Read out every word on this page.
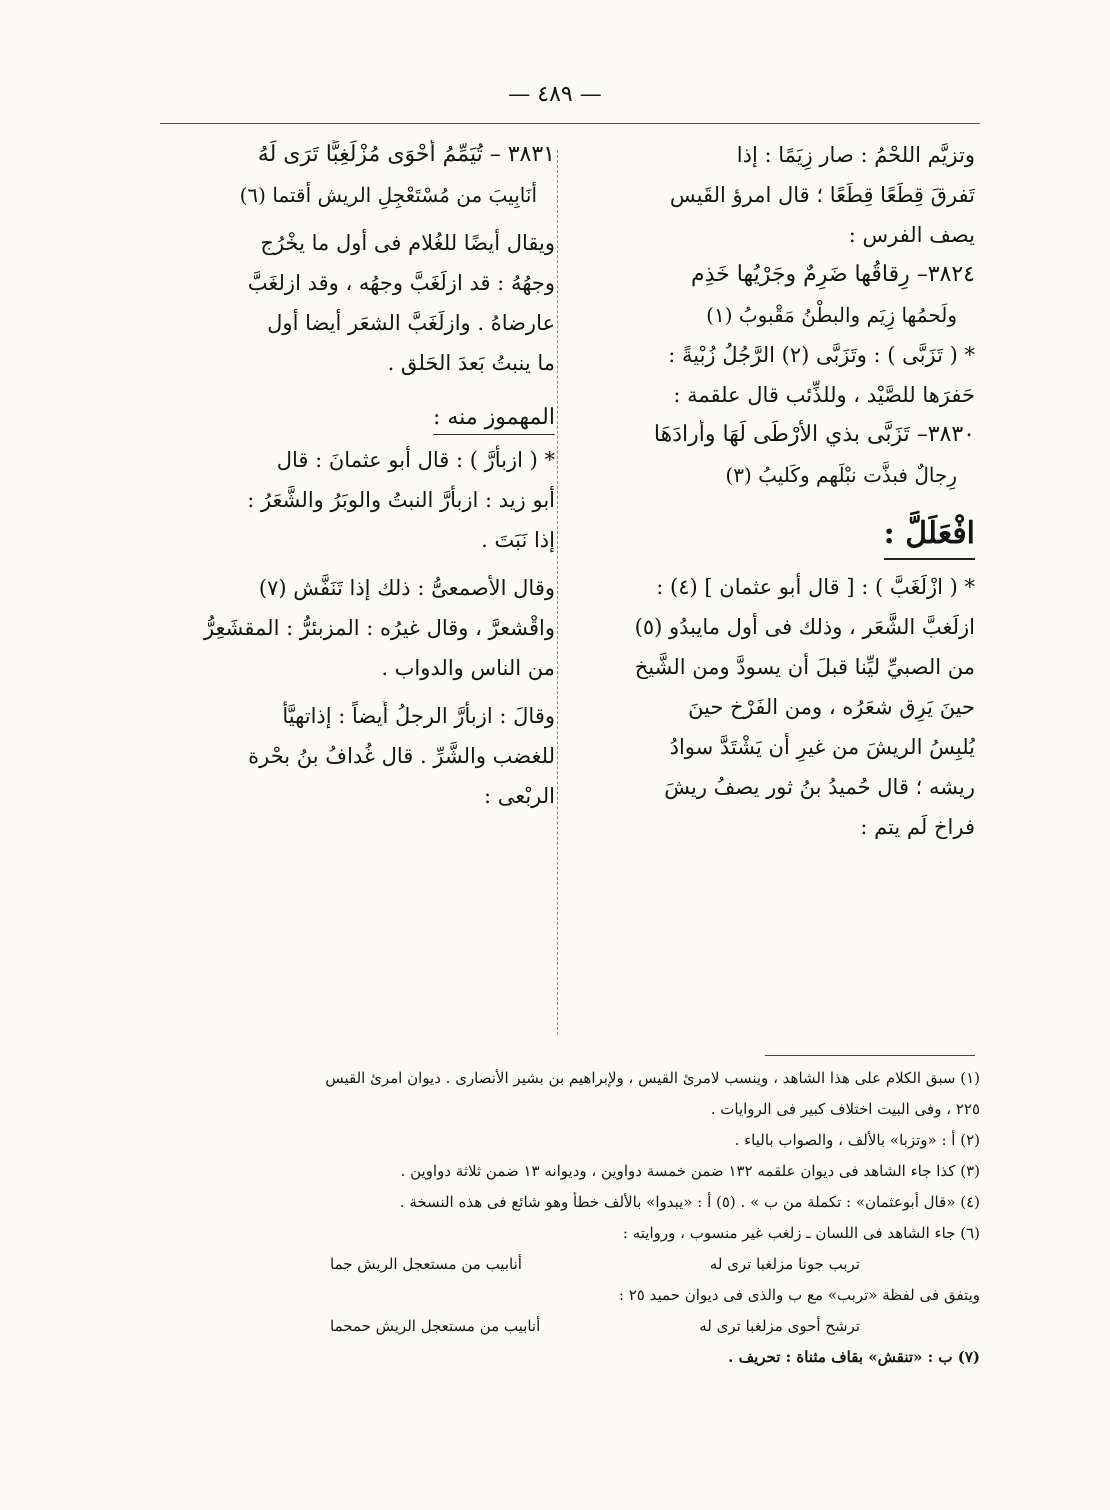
— ٤٨٩ —
وتزيَّم اللحْمُ : صار زِيَمًا : إذا
تَفرقَ قِطَعًا قِطَعًا ؛ قال امرؤ القَيس
يصف الفرس :
٣٨٢٤– رِقاقُها ضَرِمٌ وجَرْيُها خَذِم
ولَحمُها زِيَم والبطْنُ مَقْبوبُ (١)
* ( تَزَبَّى ) : وتَزَبَّى (٢) الرَّجُلُ زُبْيةً :
حَفرَها للصَّيْد ، وللذِّئب قال علقمة :
٣٨٣٠– تَزَبَّى بذي الأرْطَى لَهَا وأرادَهَا
رِجالٌ فبذَّت نبْلَهم وكَليبُ (٣)
افْعَلَلَّ :
* ( ازْلَغَبَّ ) : [ قال أبو عثمان ] (٤) :
ازلَغبَّ الشَّعَر ، وذلك فى أول مايبدُو (٥)
من الصبيِّ ليِّنا قبلَ أن يسودَّ ومن الشَّيخ
حينَ يَرِق شعَرُه ، ومن الفَرْخ حينَ
يُلبِسُ الريشَ من غيرِ أن يَشْتَدَّ سوادُ
ريشه ؛ قال حُميدُ بنُ ثور يصفُ ريشَ
فراخ لَم يتم :
٣٨٣١ – تُيَمِّمُ أحْوَى مُزْلَغِبًّا تَرَى لَهُ
أنَابِيبَ من مُسْتَعْجِلِ الريش أقتما (٦)
ويقال أيضًا للغُلام فى أول ما يخْرُج
وجهُهُ : قد ازلَغَبَّ وجهُه ، وقد ازلغَبَّ
عارضاهُ . وازلَغَبَّ الشعَر أيضا أول
ما ينبتُ بَعدَ الحَلق .
المهموز منه :
* ( ازبأَرَّ ) : قال أبو عثمانَ : قال
أبو زيد : ازبأرَّ النبتُ والوبَرُ والشَّعَرُ :
إذا نَبَتَ .
وقال الأصمعىُّ : ذلك إذا تَنَفَّش (٧)
واقْشعرَّ ، وقال غيرُه : المزبئرُّ : المقشَعِرُّ
من الناس والدواب .
وقالَ : ازبأَرَّ الرجلُ أَيضاً : إذاتهيَّأ
للغضب والشَّرِّ . قال غُدافُ بنُ بحْرة
الربْعى :
(١) سبق الكلام على هذا الشاهد ، وينسب لامرئ القيس ، ولإبراهيم بن بشير الأنصارى . ديوان امرئ القيس
٢٢٥ ، وفى البيت اختلاف كبير فى الروايات .
(٢) أ : «وتزبا» بالألف ، والصواب بالياء .
(٣) كذا جاء الشاهد فى ديوان علقمه ١٣٢ ضمن خمسة دواوين ، وديوانه ١٣ ضمن ثلاثة دواوين .
(٤) «قال أبوعثمان» : تكملة من ب » . (٥) أ : «يبدوا» بالألف خطأ وهو شائع فى هذه النسخة .
(٦) جاء الشاهد فى اللسان ـ زلغب غير منسوب ، وروايته :
تربب جونا مزلغبا ترى له
أنابيب من مستعجل الريش جما
ويتفق فى لفظة «تربب» مع ب والذى فى ديوان حميد ٢٥ :
ترشح أحوى مزلغبا ترى له
أنابيب من مستعجل الريش حمحما
(٧) ب : «تنقش» بقاف مثناة : تحريف .
